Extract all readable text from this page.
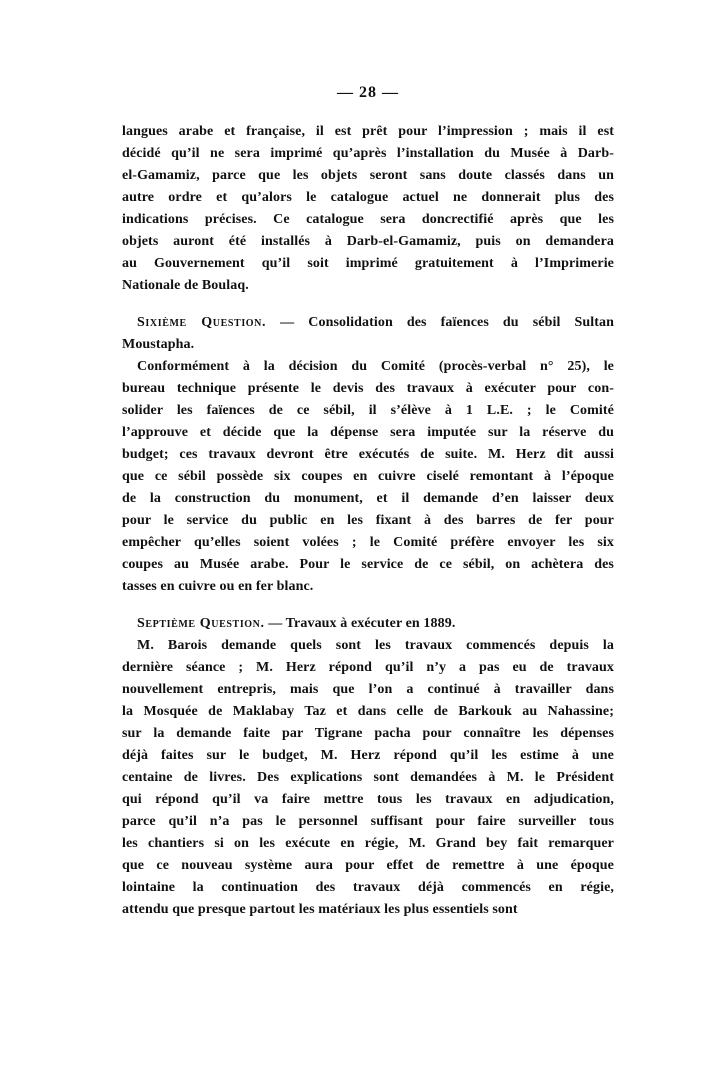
— 28 —
langues arabe et française, il est prêt pour l’impression ; mais il est
décidé qu’il ne sera imprimé qu’après l’installation du Musée à Darb-
el-Gamamiz, parce que les objets seront sans doute classés dans un
autre ordre et qu’alors le catalogue actuel ne donnerait plus des
indications précises. Ce catalogue sera doncrectifié après que les
objets auront été installés à Darb-el-Gamamiz, puis on demandera
au Gouvernement qu’il soit imprimé gratuitement à l’Imprimerie
Nationale de Boulaq.
Sixième Question. — Consolidation des faïences du sébil Sultan
Moustapha.
Conformément à la décision du Comité (procès-verbal n° 25), le
bureau technique présente le devis des travaux à exécuter pour con-
solider les faïences de ce sébil, il s’élève à 1 L.E. ; le Comité
l’approuve et décide que la dépense sera imputée sur la réserve du
budget; ces travaux devront être exécutés de suite. M. Herz dit aussi
que ce sébil possède six coupes en cuivre ciselé remontant à l’époque
de la construction du monument, et il demande d’en laisser deux
pour le service du public en les fixant à des barres de fer pour
empêcher qu’elles soient volées ; le Comité préfère envoyer les six
coupes au Musée arabe. Pour le service de ce sébil, on achètera des
tasses en cuivre ou en fer blanc.
Septième Question. — Travaux à exécuter en 1889.
M. Barois demande quels sont les travaux commencés depuis la
dernière séance ; M. Herz répond qu’il n’y a pas eu de travaux
nouvellement entrepris, mais que l’on a continué à travailler dans
la Mosquée de Maklabay Taz et dans celle de Barkouk au Nahassine;
sur la demande faite par Tigrane pacha pour connaître les dépenses
déjà faites sur le budget, M. Herz répond qu’il les estime à une
centaine de livres. Des explications sont demandées à M. le Président
qui répond qu’il va faire mettre tous les travaux en adjudication,
parce qu’il n’a pas le personnel suffisant pour faire surveiller tous
les chantiers si on les exécute en régie, M. Grand bey fait remarquer
que ce nouveau système aura pour effet de remettre à une époque
lointaine la continuation des travaux déjà commencés en régie,
attendu que presque partout les matériaux les plus essentiels sont
